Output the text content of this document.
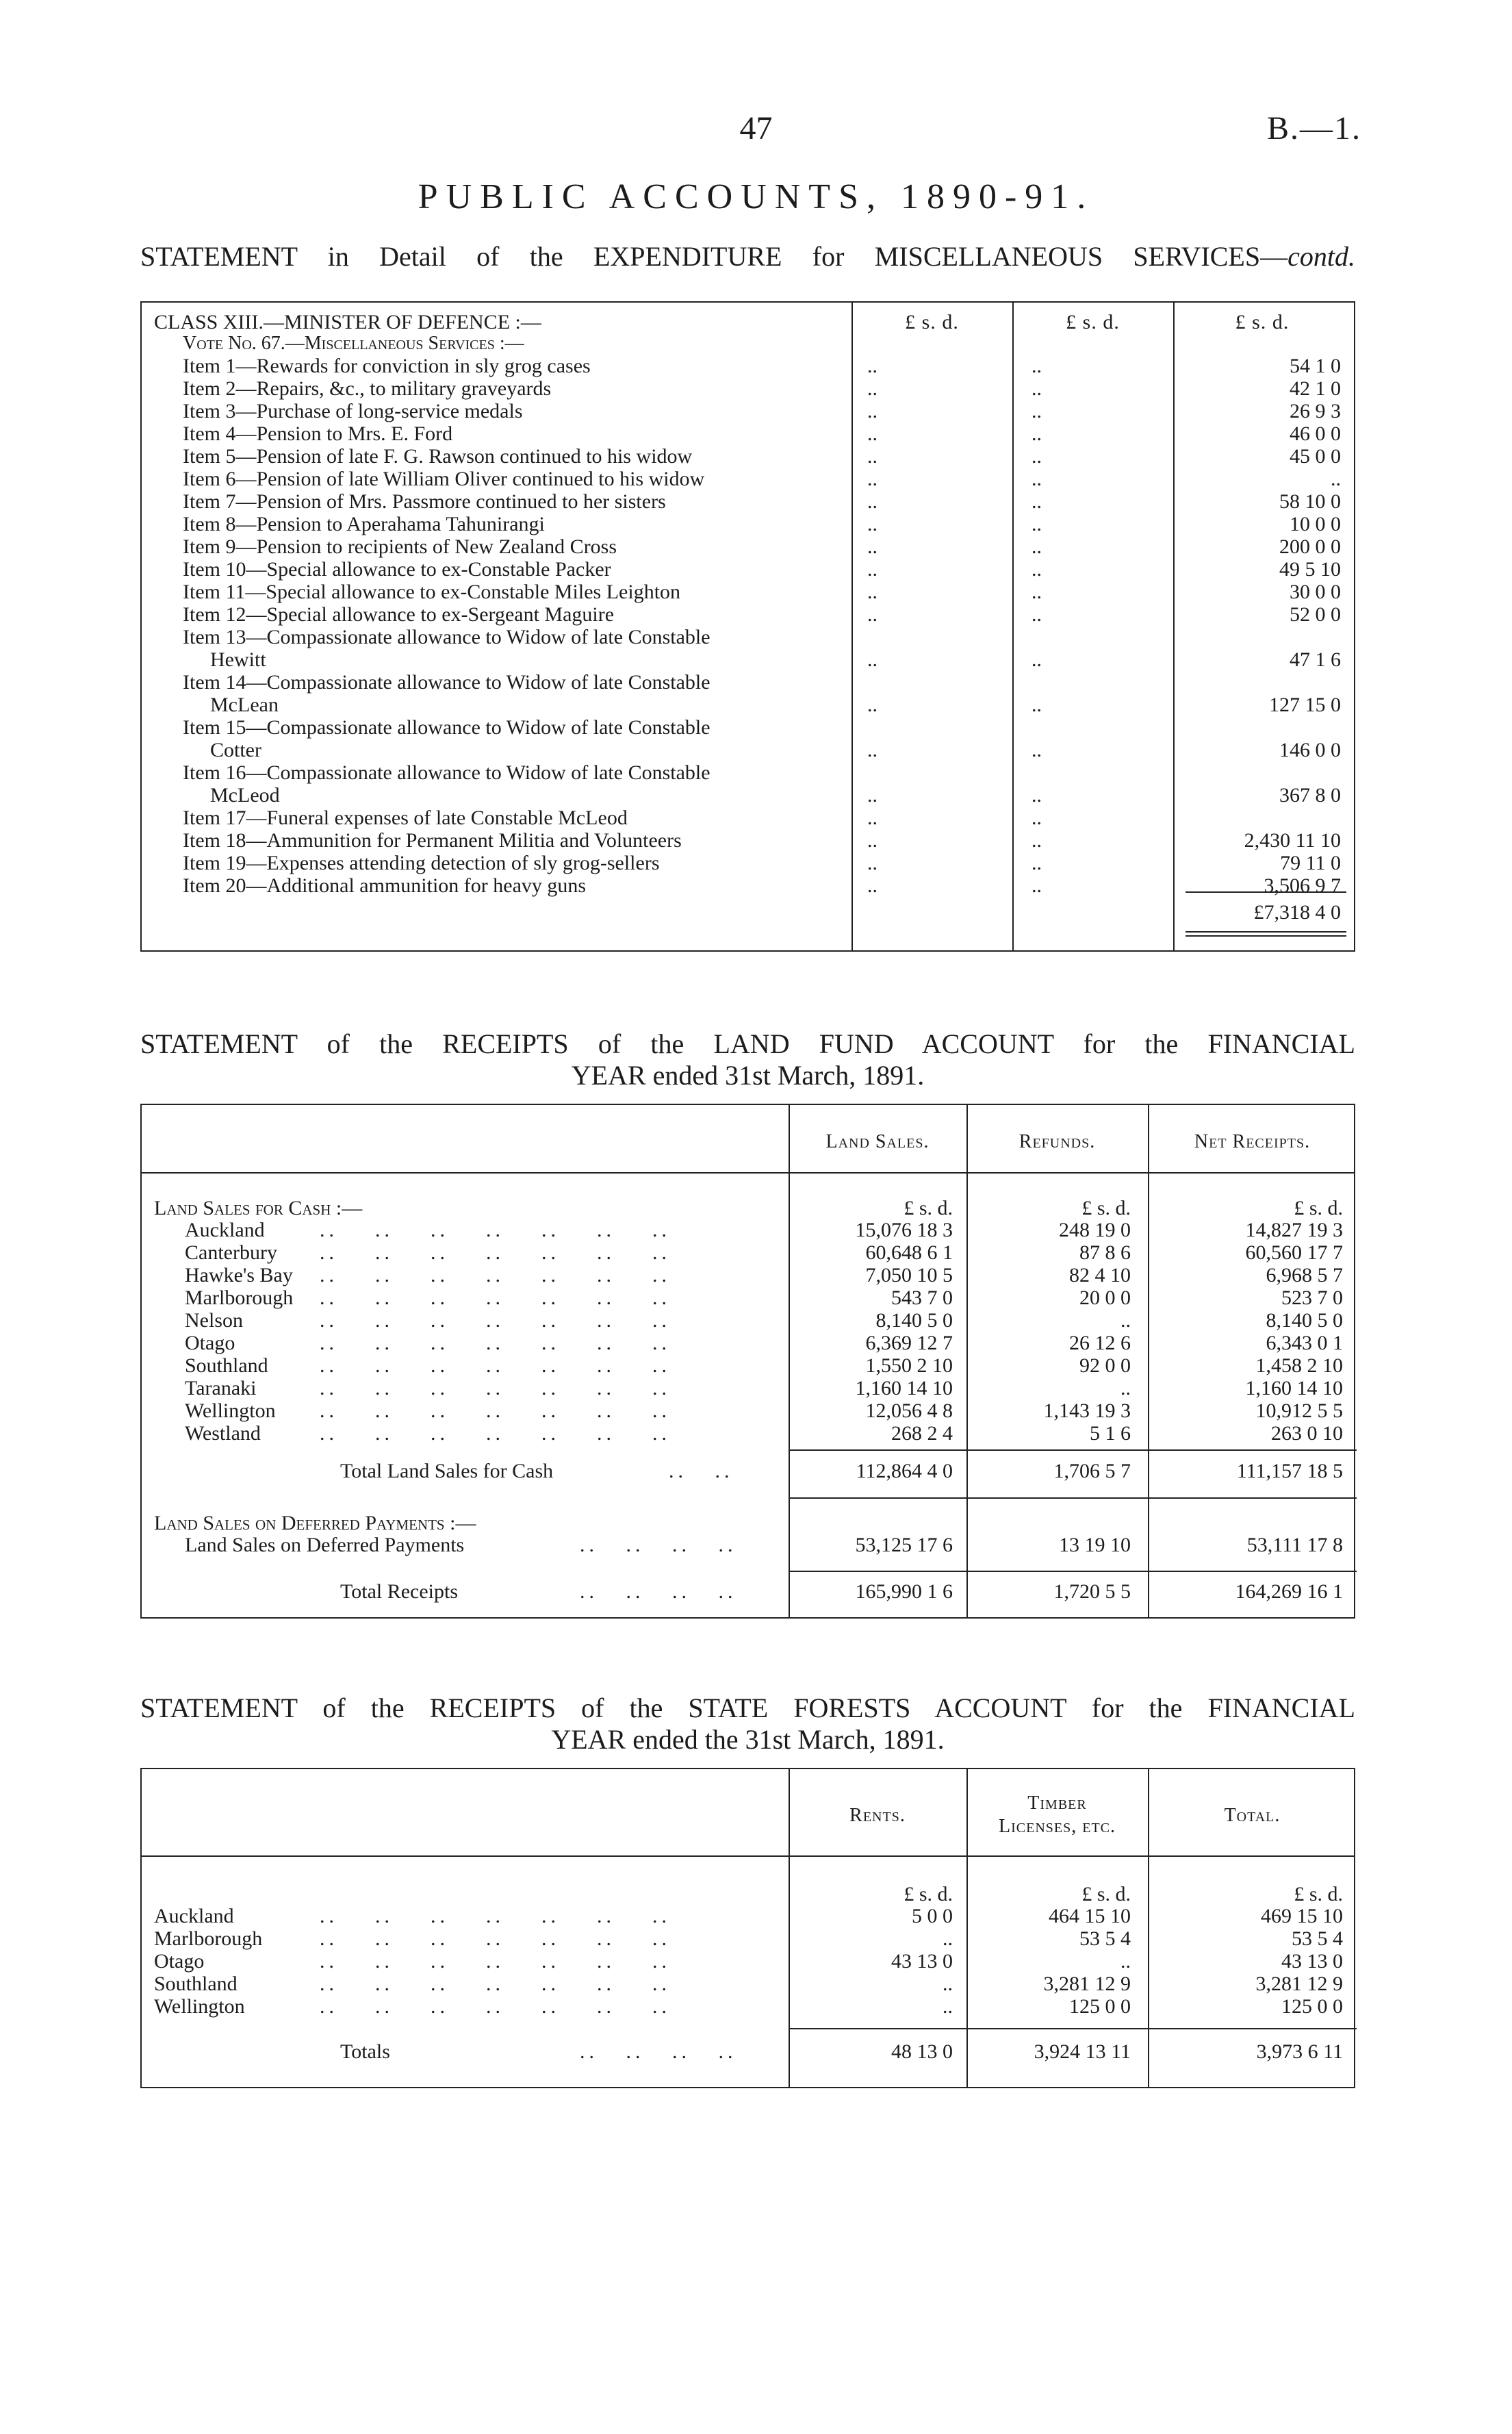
47	B.—1.
PUBLIC ACCOUNTS, 1890-91.
STATEMENT in Detail of the EXPENDITURE for MISCELLANEOUS SERVICES—contd.
£ s. d.	£ s. d.	£ s. d.
CLASS XIII.—MINISTER OF DEFENCE :—
Vote No. 67.—Miscellaneous Services :—
Item 1—Rewards for conviction in sly grog cases	..	..	54 1 0
Item 2—Repairs, &c., to military graveyards	..	..	42 1 0
Item 3—Purchase of long-service medals	..	..	26 9 3
Item 4—Pension to Mrs. E. Ford	..	..	46 0 0
Item 5—Pension of late F. G. Rawson continued to his widow	..	..	45 0 0
Item 6—Pension of late William Oliver continued to his widow	..	..	..
Item 7—Pension of Mrs. Passmore continued to her sisters	..	..	58 10 0
Item 8—Pension to Aperahama Tahunirangi	..	..	10 0 0
Item 9—Pension to recipients of New Zealand Cross	..	..	200 0 0
Item 10—Special allowance to ex-Constable Packer	..	..	49 5 10
Item 11—Special allowance to ex-Constable Miles Leighton	..	..	30 0 0
Item 12—Special allowance to ex-Sergeant Maguire	..	..	52 0 0
Item 13—Compassionate allowance to Widow of late Constable
Hewitt	..	..	47 1 6
Item 14—Compassionate allowance to Widow of late Constable
McLean	..	..	127 15 0
Item 15—Compassionate allowance to Widow of late Constable
Cotter	..	..	146 0 0
Item 16—Compassionate allowance to Widow of late Constable
McLeod	..	..	367 8 0
Item 17—Funeral expenses of late Constable McLeod	..	..
Item 18—Ammunition for Permanent Militia and Volunteers	..	..	2,430 11 10
Item 19—Expenses attending detection of sly grog-sellers	..	..	79 11 0
Item 20—Additional ammunition for heavy guns	..	..	3,506 9 7
£7,318 4 0
STATEMENT of the RECEIPTS of the LAND FUND ACCOUNT for the FINANCIAL
YEAR ended 31st March, 1891.
Land Sales.	Refunds.	Net Receipts.
£ s. d.	£ s. d.	£ s. d.
Land Sales for Cash :—
Auckland	..    ..    ..    ..    ..    ..    ..	15,076 18 3	248 19 0	14,827 19 3
Canterbury ..    ..    ..    ..    ..    ..    ..	60,648 6 1	87 8 6	60,560 17 7
Hawke's Bay ..    ..    ..    ..    ..    ..    ..	7,050 10 5	82 4 10	6,968 5 7
Marlborough ..    ..    ..    ..    ..    ..    ..	543 7 0	20 0 0	523 7 0
Nelson	..    ..    ..    ..    ..    ..    ..	8,140 5 0	..	8,140 5 0
Otago	..    ..    ..    ..    ..    ..    ..	6,369 12 7	26 12 6	6,343 0 1
Southland	..    ..    ..    ..    ..    ..    ..	1,550 2 10	92 0 0	1,458 2 10
Taranaki	..    ..    ..    ..    ..    ..    ..	1,160 14 10	..	1,160 14 10
Wellington ..    ..    ..    ..    ..    ..    ..	12,056 4 8	1,143 19 3	10,912 5 5
Westland	..    ..    ..    ..    ..    ..    ..	268 2 4	5 1 6	263 0 10
Total Land Sales for Cash	..   ..	112,864 4 0	1,706 5 7	111,157 18 5
Land Sales on Deferred Payments :—
Land Sales on Deferred Payments	..   ..   ..   ..	53,125 17 6	13 19 10	53,111 17 8
Total Receipts	..   ..   ..   ..	165,990 1 6	1,720 5 5	164,269 16 1
STATEMENT of the RECEIPTS of the STATE FORESTS ACCOUNT for the FINANCIAL
YEAR ended the 31st March, 1891.
Rents.
Timber
Licenses, etc.
Total.
£ s. d.	£ s. d.	£ s. d.
Auckland	..    ..    ..    ..    ..    ..    ..	5 0 0	464 15 10	469 15 10
Marlborough	..    ..    ..    ..    ..    ..    ..	..	53 5 4	53 5 4
Otago	..    ..    ..    ..    ..    ..    ..	43 13 0	..	43 13 0
Southland	..    ..    ..    ..    ..    ..    ..	..	3,281 12 9	3,281 12 9
Wellington	..    ..    ..    ..    ..    ..    ..	..	125 0 0	125 0 0
Totals	..   ..   ..   ..	48 13 0	3,924 13 11	3,973 6 11
